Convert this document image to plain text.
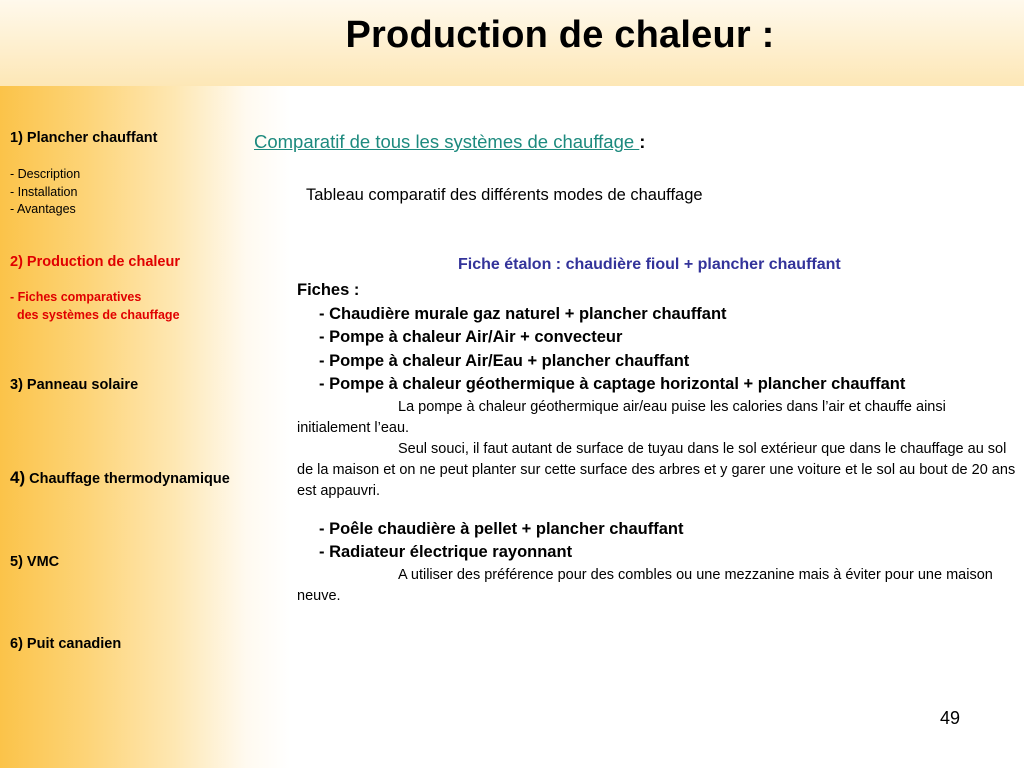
Production de chaleur :
1) Plancher chauffant
- Description
- Installation
- Avantages
2) Production de chaleur
- Fiches comparatives
des systèmes de chauffage
3) Panneau solaire
4) Chauffage thermodynamique
5) VMC
6) Puit canadien
Comparatif de tous les systèmes de chauffage :
Tableau comparatif des différents modes de chauffage
Fiche étalon : chaudière fioul + plancher chauffant
Fiches :
- Chaudière murale gaz naturel + plancher chauffant
- Pompe à chaleur Air/Air + convecteur
- Pompe à chaleur Air/Eau + plancher chauffant
- Pompe à chaleur géothermique à captage horizontal + plancher chauffant
La pompe à chaleur géothermique air/eau puise les calories dans l’air et chauffe ainsi initialement l’eau.
Seul souci, il faut autant de surface de tuyau dans le sol extérieur que dans le chauffage au sol de la maison et on ne peut planter sur cette surface des arbres et y garer une voiture et le sol au bout de 20 ans est appauvri.
- Poêle chaudière à pellet + plancher chauffant
- Radiateur électrique rayonnant
A utiliser des préférence pour des combles ou une mezzanine mais à éviter pour une maison neuve.
49
